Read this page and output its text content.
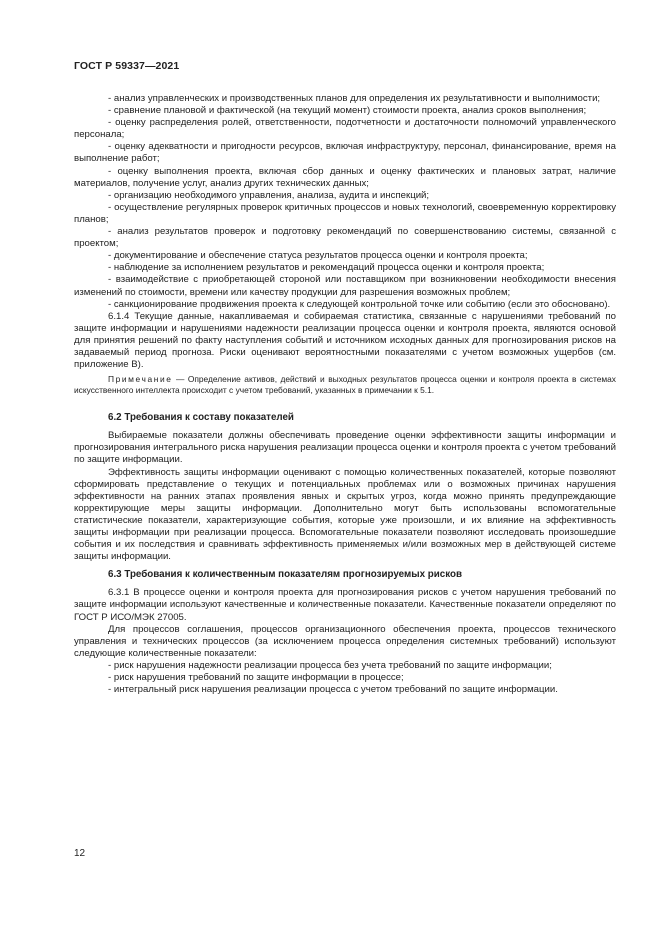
ГОСТ Р 59337—2021

- анализ управленческих и производственных планов для определения их результативности и выполнимости;

- сравнение плановой и фактической (на текущий момент) стоимости проекта, анализ сроков выполнения;

- оценку распределения ролей, ответственности, подотчетности и достаточности полномочий управленческого персонала;

- оценку адекватности и пригодности ресурсов, включая инфраструктуру, персонал, финансирование, время на выполнение работ;

- оценку выполнения проекта, включая сбор данных и оценку фактических и плановых затрат, наличие материалов, получение услуг, анализ других технических данных;

- организацию необходимого управления, анализа, аудита и инспекций;

- осуществление регулярных проверок критичных процессов и новых технологий, своевременную корректировку планов;

- анализ результатов проверок и подготовку рекомендаций по совершенствованию системы, связанной с проектом;

- документирование и обеспечение статуса результатов процесса оценки и контроля проекта;

- наблюдение за исполнением результатов и рекомендаций процесса оценки и контроля проекта;

- взаимодействие с приобретающей стороной или поставщиком при возникновении необходимости внесения изменений по стоимости, времени или качеству продукции для разрешения возможных проблем;

- санкционирование продвижения проекта к следующей контрольной точке или событию (если это обосновано).

6.1.4 Текущие данные, накапливаемая и собираемая статистика, связанные с нарушениями требований по защите информации и нарушениями надежности реализации процесса оценки и контроля проекта, являются основой для принятия решений по факту наступления событий и источником исходных данных для прогнозирования рисков на задаваемый период прогноза. Риски оценивают вероятностными показателями с учетом возможных ущербов (см. приложение В).

Примечание — Определение активов, действий и выходных результатов процесса оценки и контроля проекта в системах искусственного интеллекта происходит с учетом требований, указанных в примечании к 5.1.

6.2 Требования к составу показателей

Выбираемые показатели должны обеспечивать проведение оценки эффективности защиты информации и прогнозирования интегрального риска нарушения реализации процесса оценки и контроля проекта с учетом требований по защите информации.

Эффективность защиты информации оценивают с помощью количественных показателей, которые позволяют сформировать представление о текущих и потенциальных проблемах или о возможных причинах нарушения эффективности на ранних этапах проявления явных и скрытых угроз, когда можно принять предупреждающие корректирующие меры защиты информации. Дополнительно могут быть использованы вспомогательные статистические показатели, характеризующие события, которые уже произошли, и их влияние на эффективность защиты информации при реализации процесса. Вспомогательные показатели позволяют исследовать произошедшие события и их последствия и сравнивать эффективность применяемых и/или возможных мер в действующей системе защиты информации.

6.3 Требования к количественным показателям прогнозируемых рисков

6.3.1 В процессе оценки и контроля проекта для прогнозирования рисков с учетом нарушения требований по защите информации используют качественные и количественные показатели. Качественные показатели определяют по ГОСТ Р ИСО/МЭК 27005.

Для процессов соглашения, процессов организационного обеспечения проекта, процессов технического управления и технических процессов (за исключением процесса определения системных требований) используют следующие количественные показатели:

- риск нарушения надежности реализации процесса без учета требований по защите информации;

- риск нарушения требований по защите информации в процессе;

- интегральный риск нарушения реализации процесса с учетом требований по защите информации.

12
